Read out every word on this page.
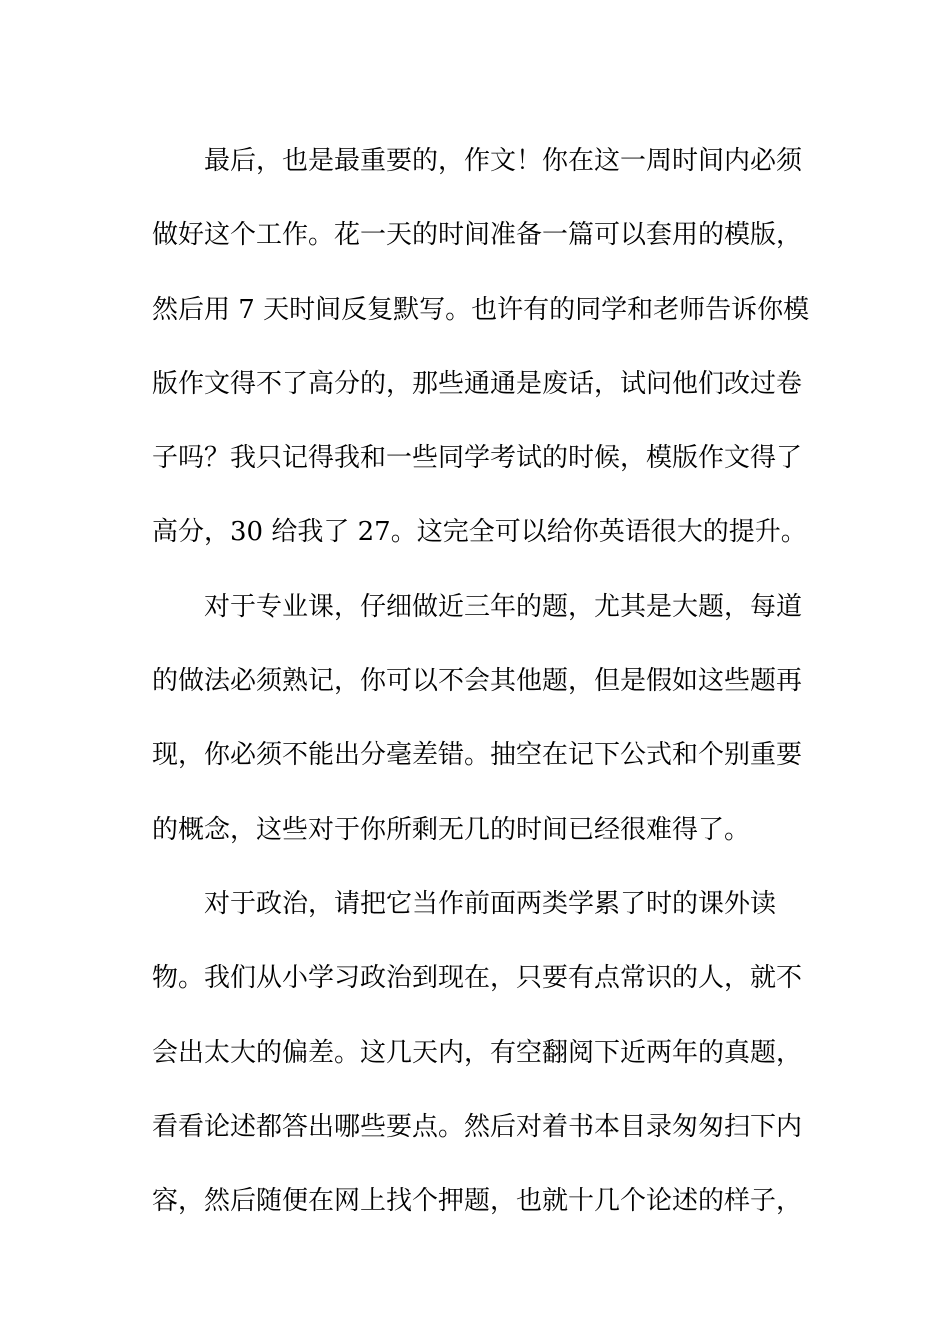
最后，也是最重要的，作文！你在这一周时间内必须
做好这个工作。花一天的时间准备一篇可以套用的模版，
然后用 7 天时间反复默写。也许有的同学和老师告诉你模
版作文得不了高分的，那些通通是废话，试问他们改过卷
子吗？我只记得我和一些同学考试的时候，模版作文得了
高分，30 给我了 27。这完全可以给你英语很大的提升。

对于专业课，仔细做近三年的题，尤其是大题，每道
的做法必须熟记，你可以不会其他题，但是假如这些题再
现，你必须不能出分毫差错。抽空在记下公式和个别重要
的概念，这些对于你所剩无几的时间已经很难得了。

对于政治，请把它当作前面两类学累了时的课外读
物。我们从小学习政治到现在，只要有点常识的人，就不
会出太大的偏差。这几天内，有空翻阅下近两年的真题，
看看论述都答出哪些要点。然后对着书本目录匆匆扫下内
容，然后随便在网上找个押题，也就十几个论述的样子，
